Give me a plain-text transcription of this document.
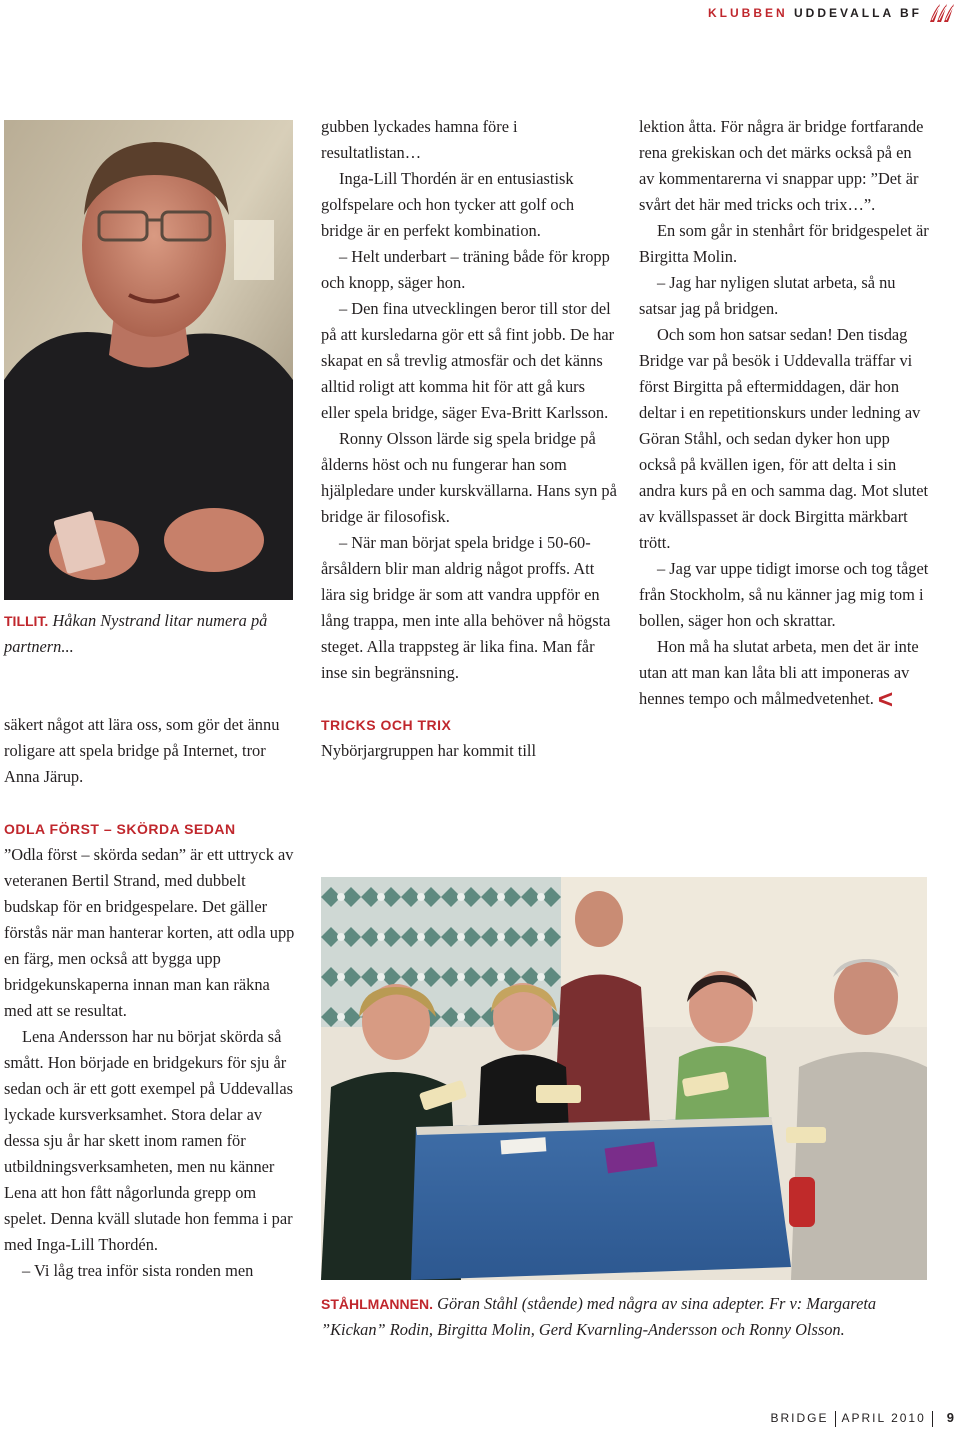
KLUBBEN UDDEVALLA BF
TILLIT. Håkan Nystrand litar numera på partnern...

säkert något att lära oss, som gör det ännu roligare att spela bridge på Internet, tror Anna Järup.

ODLA FÖRST – SKÖRDA SEDAN

”Odla först – skörda sedan” är ett uttryck av veteranen Bertil Strand, med dubbelt budskap för en bridgespelare. Det gäller förstås när man hanterar korten, att odla upp en färg, men också att bygga upp bridgekunskaperna innan man kan räkna med att se resultat.

Lena Andersson har nu börjat skörda så smått. Hon började en bridgekurs för sju år sedan och är ett gott exempel på Uddevallas lyckade kursverksamhet. Stora delar av dessa sju år har skett inom ramen för utbildningsverksamheten, men nu känner Lena att hon fått någorlunda grepp om spelet. Denna kväll slutade hon femma i par med Inga-Lill Thordén.

– Vi låg trea inför sista ronden men

gubben lyckades hamna före i resultatlistan…

Inga-Lill Thordén är en entusiastisk golfspelare och hon tycker att golf och bridge är en perfekt kombination.

– Helt underbart – träning både för kropp och knopp, säger hon.

– Den fina utvecklingen beror till stor del på att kursledarna gör ett så fint jobb. De har skapat en så trevlig atmosfär och det känns alltid roligt att komma hit för att gå kurs eller spela bridge, säger Eva-Britt Karlsson.

Ronny Olsson lärde sig spela bridge på ålderns höst och nu fungerar han som hjälpledare under kurskvällarna. Hans syn på bridge är filosofisk.

– När man börjat spela bridge i 50-60-årsåldern blir man aldrig något proffs. Att lära sig bridge är som att vandra uppför en lång trappa, men inte alla behöver nå högsta steget. Alla trappsteg är lika fina. Man får inse sin begränsning.

TRICKS OCH TRIX

Nybörjargruppen har kommit till

lektion åtta. För några är bridge fortfarande rena grekiskan och det märks också på en av kommentarerna vi snappar upp: ”Det är svårt det här med tricks och trix…”.

En som går in stenhårt för bridgespelet är Birgitta Molin.

– Jag har nyligen slutat arbeta, så nu satsar jag på bridgen.

Och som hon satsar sedan! Den tisdag Bridge var på besök i Uddevalla träffar vi först Birgitta på eftermiddagen, där hon deltar i en repetitionskurs under ledning av Göran Ståhl, och sedan dyker hon upp också på kvällen igen, för att delta i sin andra kurs på en och samma dag. Mot slutet av kvällspasset är dock Birgitta märkbart trött.

– Jag var uppe tidigt imorse och tog tåget från Stockholm, så nu känner jag mig tom i bollen, säger hon och skrattar.

Hon må ha slutat arbeta, men det är inte utan att man kan låta bli att imponeras av hennes tempo och målmedvetenhet. <

STÅHLMANNEN. Göran Ståhl (stående) med några av sina adepter. Fr v: Margareta ”Kickan” Rodin, Birgitta Molin, Gerd Kvarnling-Andersson och Ronny Olsson.
BRIDGE APRIL 2010 9
